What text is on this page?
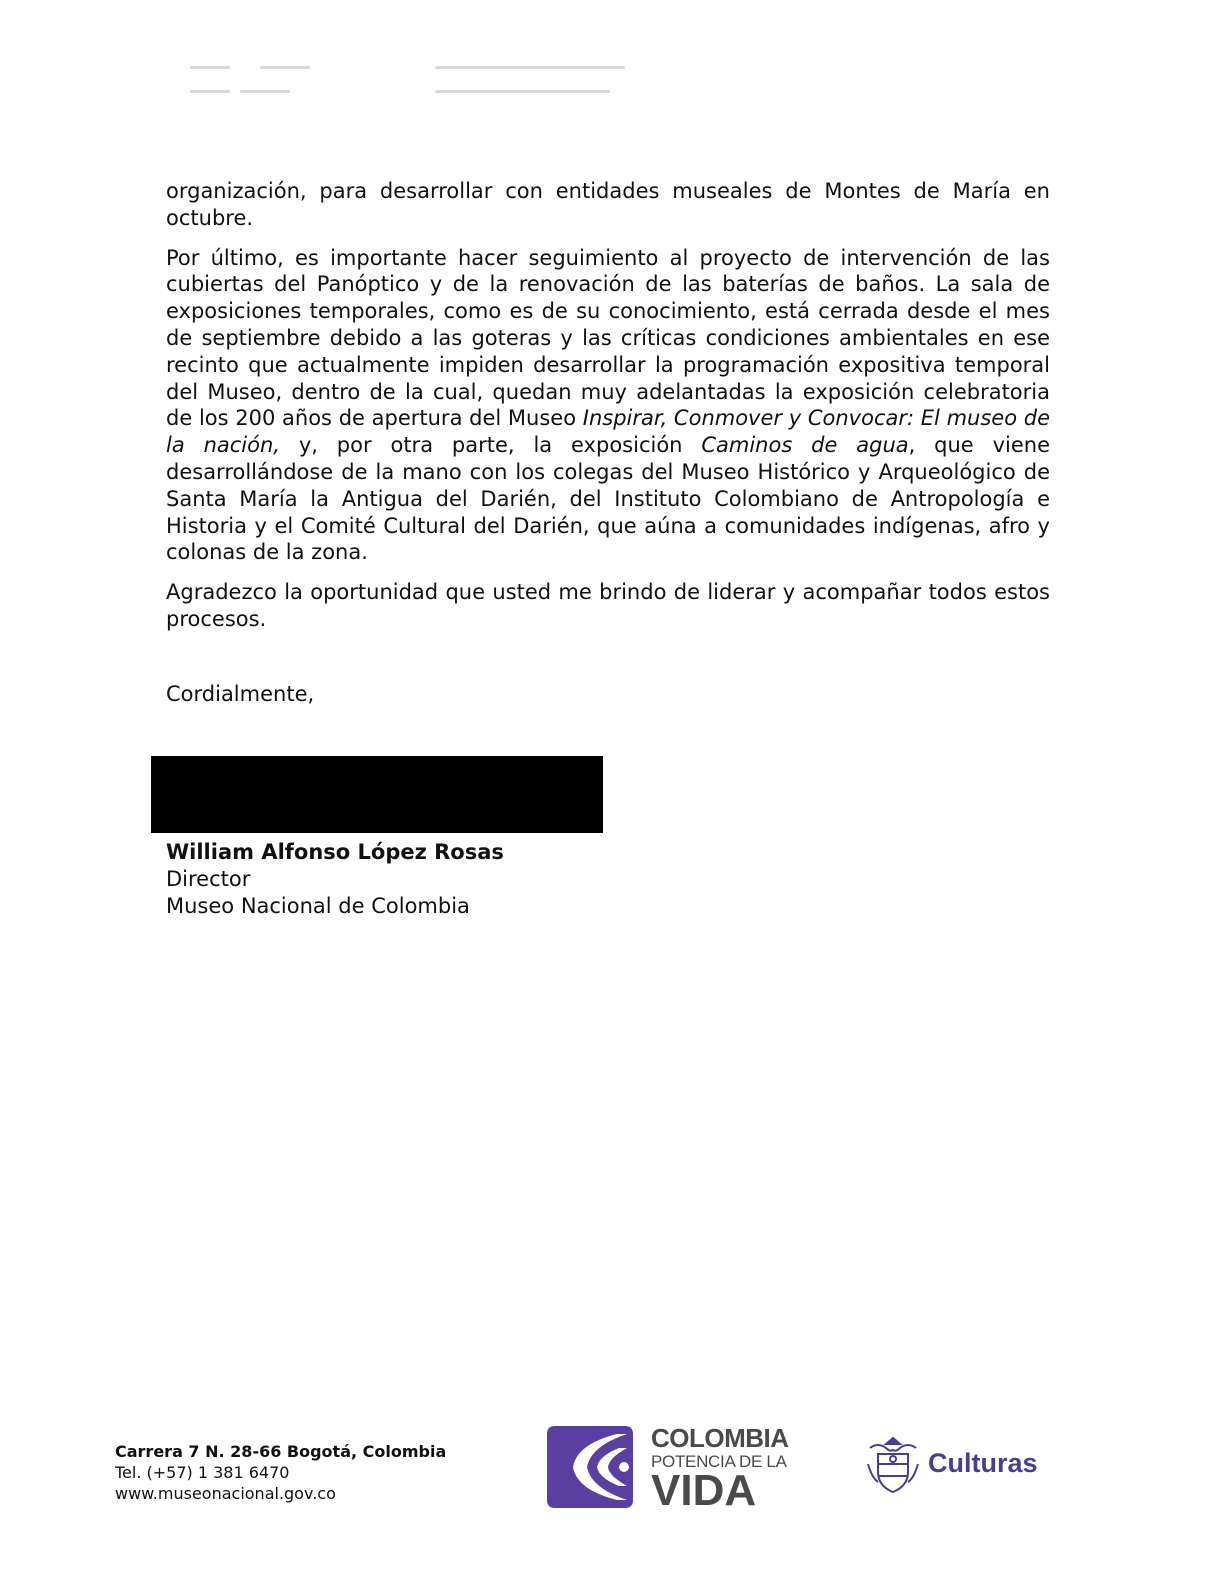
organización, para desarrollar con entidades museales de Montes de María en octubre.

Por último, es importante hacer seguimiento al proyecto de intervención de las cubiertas del Panóptico y de la renovación de las baterías de baños. La sala de exposiciones temporales, como es de su conocimiento, está cerrada desde el mes de septiembre debido a las goteras y las críticas condiciones ambientales en ese recinto que actualmente impiden desarrollar la programación expositiva temporal del Museo, dentro de la cual, quedan muy adelantadas la exposición celebratoria de los 200 años de apertura del Museo Inspirar, Conmover y Convocar: El museo de la nación, y, por otra parte, la exposición Caminos de agua, que viene desarrollándose de la mano con los colegas del Museo Histórico y Arqueológico de Santa María la Antigua del Darién, del Instituto Colombiano de Antropología e Historia y el Comité Cultural del Darién, que aúna a comunidades indígenas, afro y colonas de la zona.

Agradezco la oportunidad que usted me brindo de liderar y acompañar todos estos procesos.

Cordialmente,
William Alfonso López Rosas
Director
Museo Nacional de Colombia
Carrera 7 N. 28-66 Bogotá, Colombia
Tel. (+57) 1 381 6470
www.museonacional.gov.co
COLOMBIA
POTENCIA DE LA
VIDA
Culturas
